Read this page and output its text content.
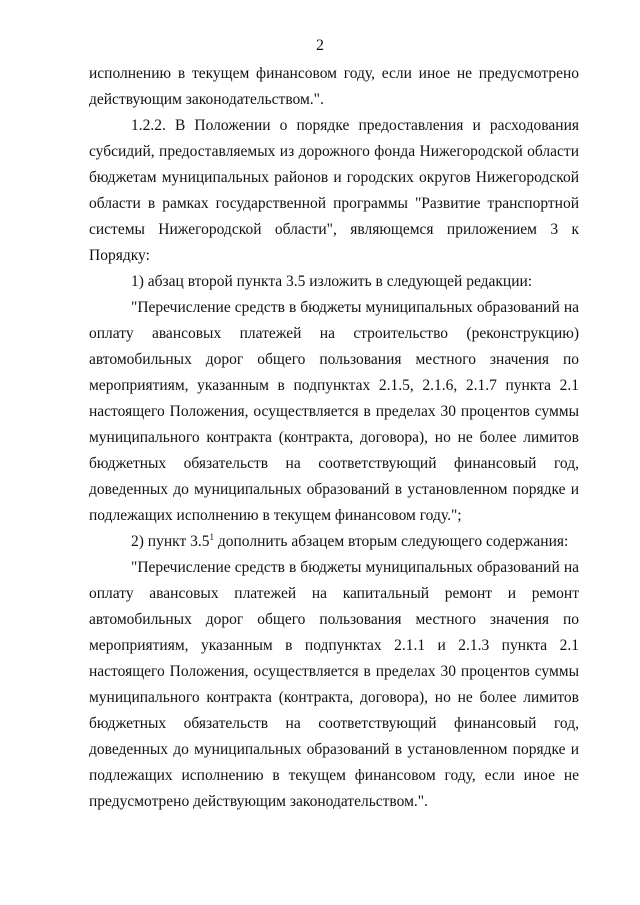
2

исполнению в текущем финансовом году, если иное не предусмотрено действующим законодательством.".

1.2.2. В Положении о порядке предоставления и расходования субсидий, предоставляемых из дорожного фонда Нижегородской области бюджетам муниципальных районов и городских округов Нижегородской области в рамках государственной программы "Развитие транспортной системы Нижегородской области", являющемся приложением 3 к Порядку:

1) абзац второй пункта 3.5 изложить в следующей редакции:

"Перечисление средств в бюджеты муниципальных образований на оплату авансовых платежей на строительство (реконструкцию) автомобильных дорог общего пользования местного значения по мероприятиям, указанным в подпунктах 2.1.5, 2.1.6, 2.1.7 пункта 2.1 настоящего Положения, осуществляется в пределах 30 процентов суммы муниципального контракта (контракта, договора), но не более лимитов бюджетных обязательств на соответствующий финансовый год, доведенных до муниципальных образований в установленном порядке и подлежащих исполнению в текущем финансовом году.";

2) пункт $3.5^1$ дополнить абзацем вторым следующего содержания:

"Перечисление средств в бюджеты муниципальных образований на оплату авансовых платежей на капитальный ремонт и ремонт автомобильных дорог общего пользования местного значения по мероприятиям, указанным в подпунктах 2.1.1 и 2.1.3 пункта 2.1 настоящего Положения, осуществляется в пределах 30 процентов суммы муниципального контракта (контракта, договора), но не более лимитов бюджетных обязательств на соответствующий финансовый год, доведенных до муниципальных образований в установленном порядке и подлежащих исполнению в текущем финансовом году, если иное не предусмотрено действующим законодательством.".
